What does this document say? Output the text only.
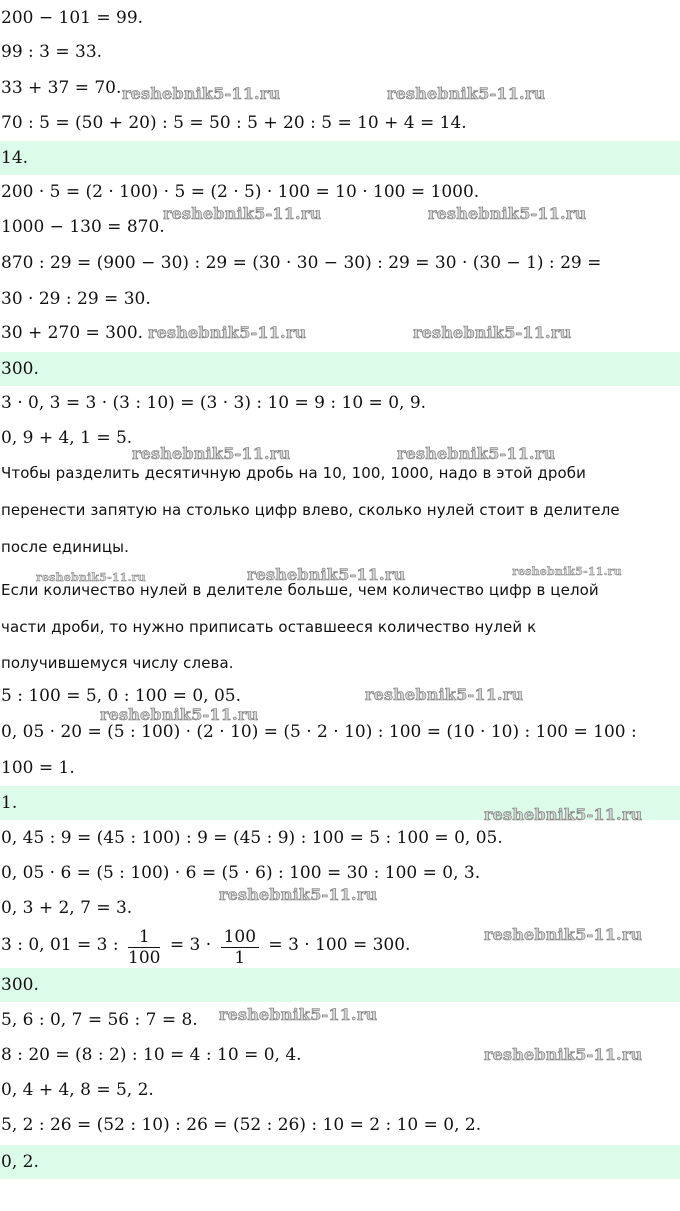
200 − 101 = 99.
99 : 3 = 33.
33 + 37 = 70.
70 : 5 = (50 + 20) : 5 = 50 : 5 + 20 : 5 = 10 + 4 = 14.
14.
200 · 5 = (2 · 100) · 5 = (2 · 5) · 100 = 10 · 100 = 1000.
1000 − 130 = 870.
870 : 29 = (900 − 30) : 29 = (30 · 30 − 30) : 29 = 30 · (30 − 1) : 29 =
30 · 29 : 29 = 30.
30 + 270 = 300.
300.
3 · 0, 3 = 3 · (3 : 10) = (3 · 3) : 10 = 9 : 10 = 0, 9.
0, 9 + 4, 1 = 5.
Чтобы разделить десятичную дробь на 10, 100, 1000, надо в этой дроби
перенести запятую на столько цифр влево, сколько нулей стоит в делителе
после единицы.
Если количество нулей в делителе больше, чем количество цифр в целой
части дроби, то нужно приписать оставшееся количество нулей к
получившемуся числу слева.
5 : 100 = 5, 0 : 100 = 0, 05.
0, 05 · 20 = (5 : 100) · (2 · 10) = (5 · 2 · 10) : 100 = (10 · 10) : 100 = 100 :
100 = 1.
1.
0, 45 : 9 = (45 : 100) : 9 = (45 : 9) : 100 = 5 : 100 = 0, 05.
0, 05 · 6 = (5 : 100) · 6 = (5 · 6) : 100 = 30 : 100 = 0, 3.
0, 3 + 2, 7 = 3.
3 : 0, 01 = 3 : $\frac{1}{100} = 3 \cdot \frac{100}{1} = 3 \cdot 100 = 300$.
300.
5, 6 : 0, 7 = 56 : 7 = 8.
8 : 20 = (8 : 2) : 10 = 4 : 10 = 0, 4.
0, 4 + 4, 8 = 5, 2.
5, 2 : 26 = (52 : 10) : 26 = (52 : 26) : 10 = 2 : 10 = 0, 2.
0, 2.
reshebnik5-11.ru	reshebnik5-11.ru
reshebnik5-11.ru	reshebnik5-11.ru
reshebnik5-11.ru	reshebnik5-11.ru
reshebnik5-11.ru	reshebnik5-11.ru
reshebnik5-11.ru	reshebnik5-11.ru	reshebnik5-11.ru
reshebnik5-11.ru
reshebnik5-11.ru
reshebnik5-11.ru
reshebnik5-11.ru
reshebnik5-11.ru
reshebnik5-11.ru
reshebnik5-11.ru
